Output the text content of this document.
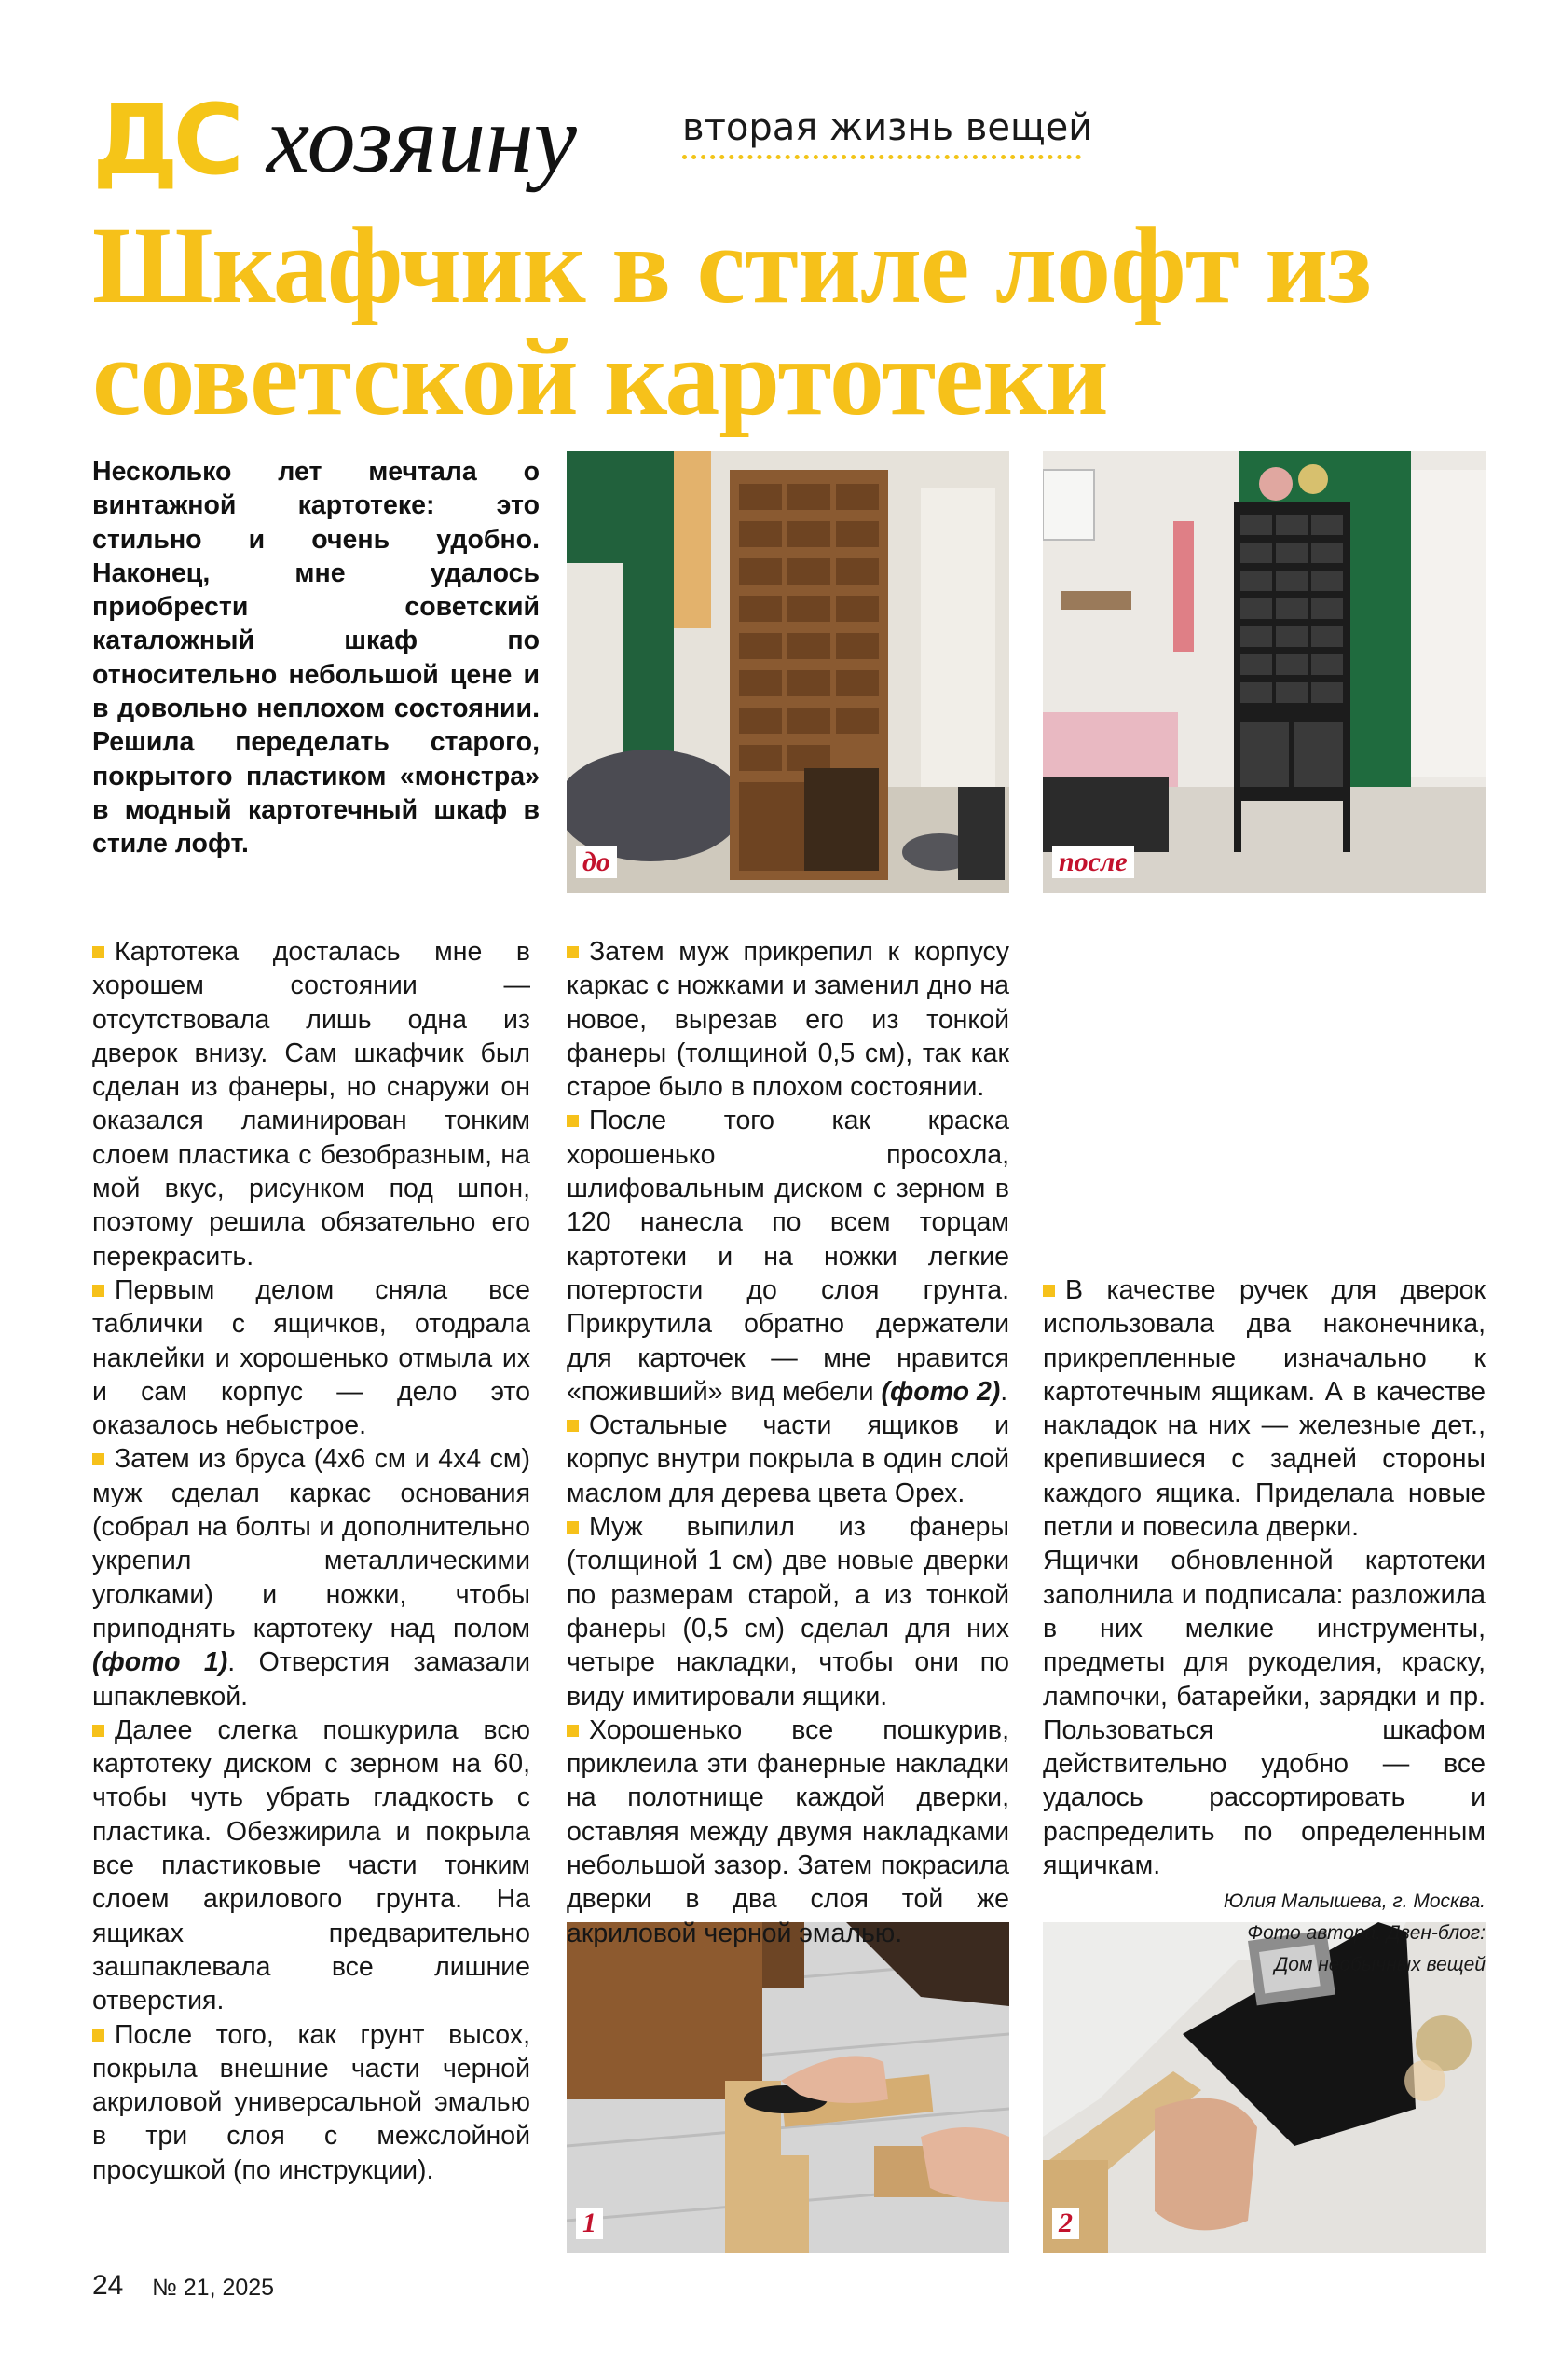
ДС хозяину	вторая жизнь вещей
Шкафчик в стиле лофт из советской картотеки

Несколько лет мечтала о винтажной картотеке: это стильно и очень удобно. Наконец, мне удалось приобрести советский каталожный шкаф по относительно небольшой цене и в довольно неплохом состоянии. Решила переделать старого, покрытого пластиком «монстра» в модный картотечный шкаф в стиле лофт.

до	после
1	2

Картотека досталась мне в хорошем состоянии — отсутствовала лишь одна из дверок внизу. Сам шкафчик был сделан из фанеры, но снаружи он оказался ламинирован тонким слоем пластика с безобразным, на мой вкус, рисунком под шпон, поэтому решила обязательно его перекрасить.

Первым делом сняла все таблички с ящичков, отодрала наклейки и хорошенько отмыла их и сам корпус — дело это оказалось небыстрое.

Затем из бруса (4х6 см и 4х4 см) муж сделал каркас основания (собрал на болты и дополнительно укрепил металлическими уголками) и ножки, чтобы приподнять картотеку над полом (фото 1). Отверстия замазали шпаклевкой.

Далее слегка пошкурила всю картотеку диском с зерном на 60, чтобы чуть убрать гладкость с пластика. Обезжирила и покрыла все пластиковые части тонким слоем акрилового грунта. На ящиках предварительно зашпаклевала все лишние отверстия.

После того, как грунт высох, покрыла внешние части черной акриловой универсальной эмалью в три слоя с межслойной просушкой (по инструкции).

Затем муж прикрепил к корпусу каркас с ножками и заменил дно на новое, вырезав его из тонкой фанеры (толщиной 0,5 см), так как старое было в плохом состоянии.

После того как краска хорошенько просохла, шлифовальным диском с зерном в 120 нанесла по всем торцам картотеки и на ножки легкие потертости до слоя грунта. Прикрутила обратно держатели для карточек — мне нравится «поживший» вид мебели (фото 2).

Остальные части ящиков и корпус внутри покрыла в один слой маслом для дерева цвета Орех.

Муж выпилил из фанеры (толщиной 1 см) две новые дверки по размерам старой, а из тонкой фанеры (0,5 см) сделал для них четыре накладки, чтобы они по виду имитировали ящики.

Хорошенько все пошкурив, приклеила эти фанерные накладки на полотнище каждой дверки, оставляя между двумя накладками небольшой зазор. Затем покрасила дверки в два слоя той же акриловой черной эмалью.

В качестве ручек для дверок использовала два наконечника, прикрепленные изначально к картотечным ящикам. А в качестве накладок на них — железные дет., крепившиеся с задней стороны каждого ящика. Приделала новые петли и повесила дверки.

Ящички обновленной картотеки заполнила и подписала: разложила в них мелкие инструменты, предметы для рукоделия, краску, лампочки, батарейки, зарядки и пр. Пользоваться шкафом действительно удобно — все удалось рассортировать и распределить по определенным ящичкам.

Юлия Малышева, г. Москва.
Фото автора. Дзен-блог:
Дом необычных вещей
24 № 21, 2025
